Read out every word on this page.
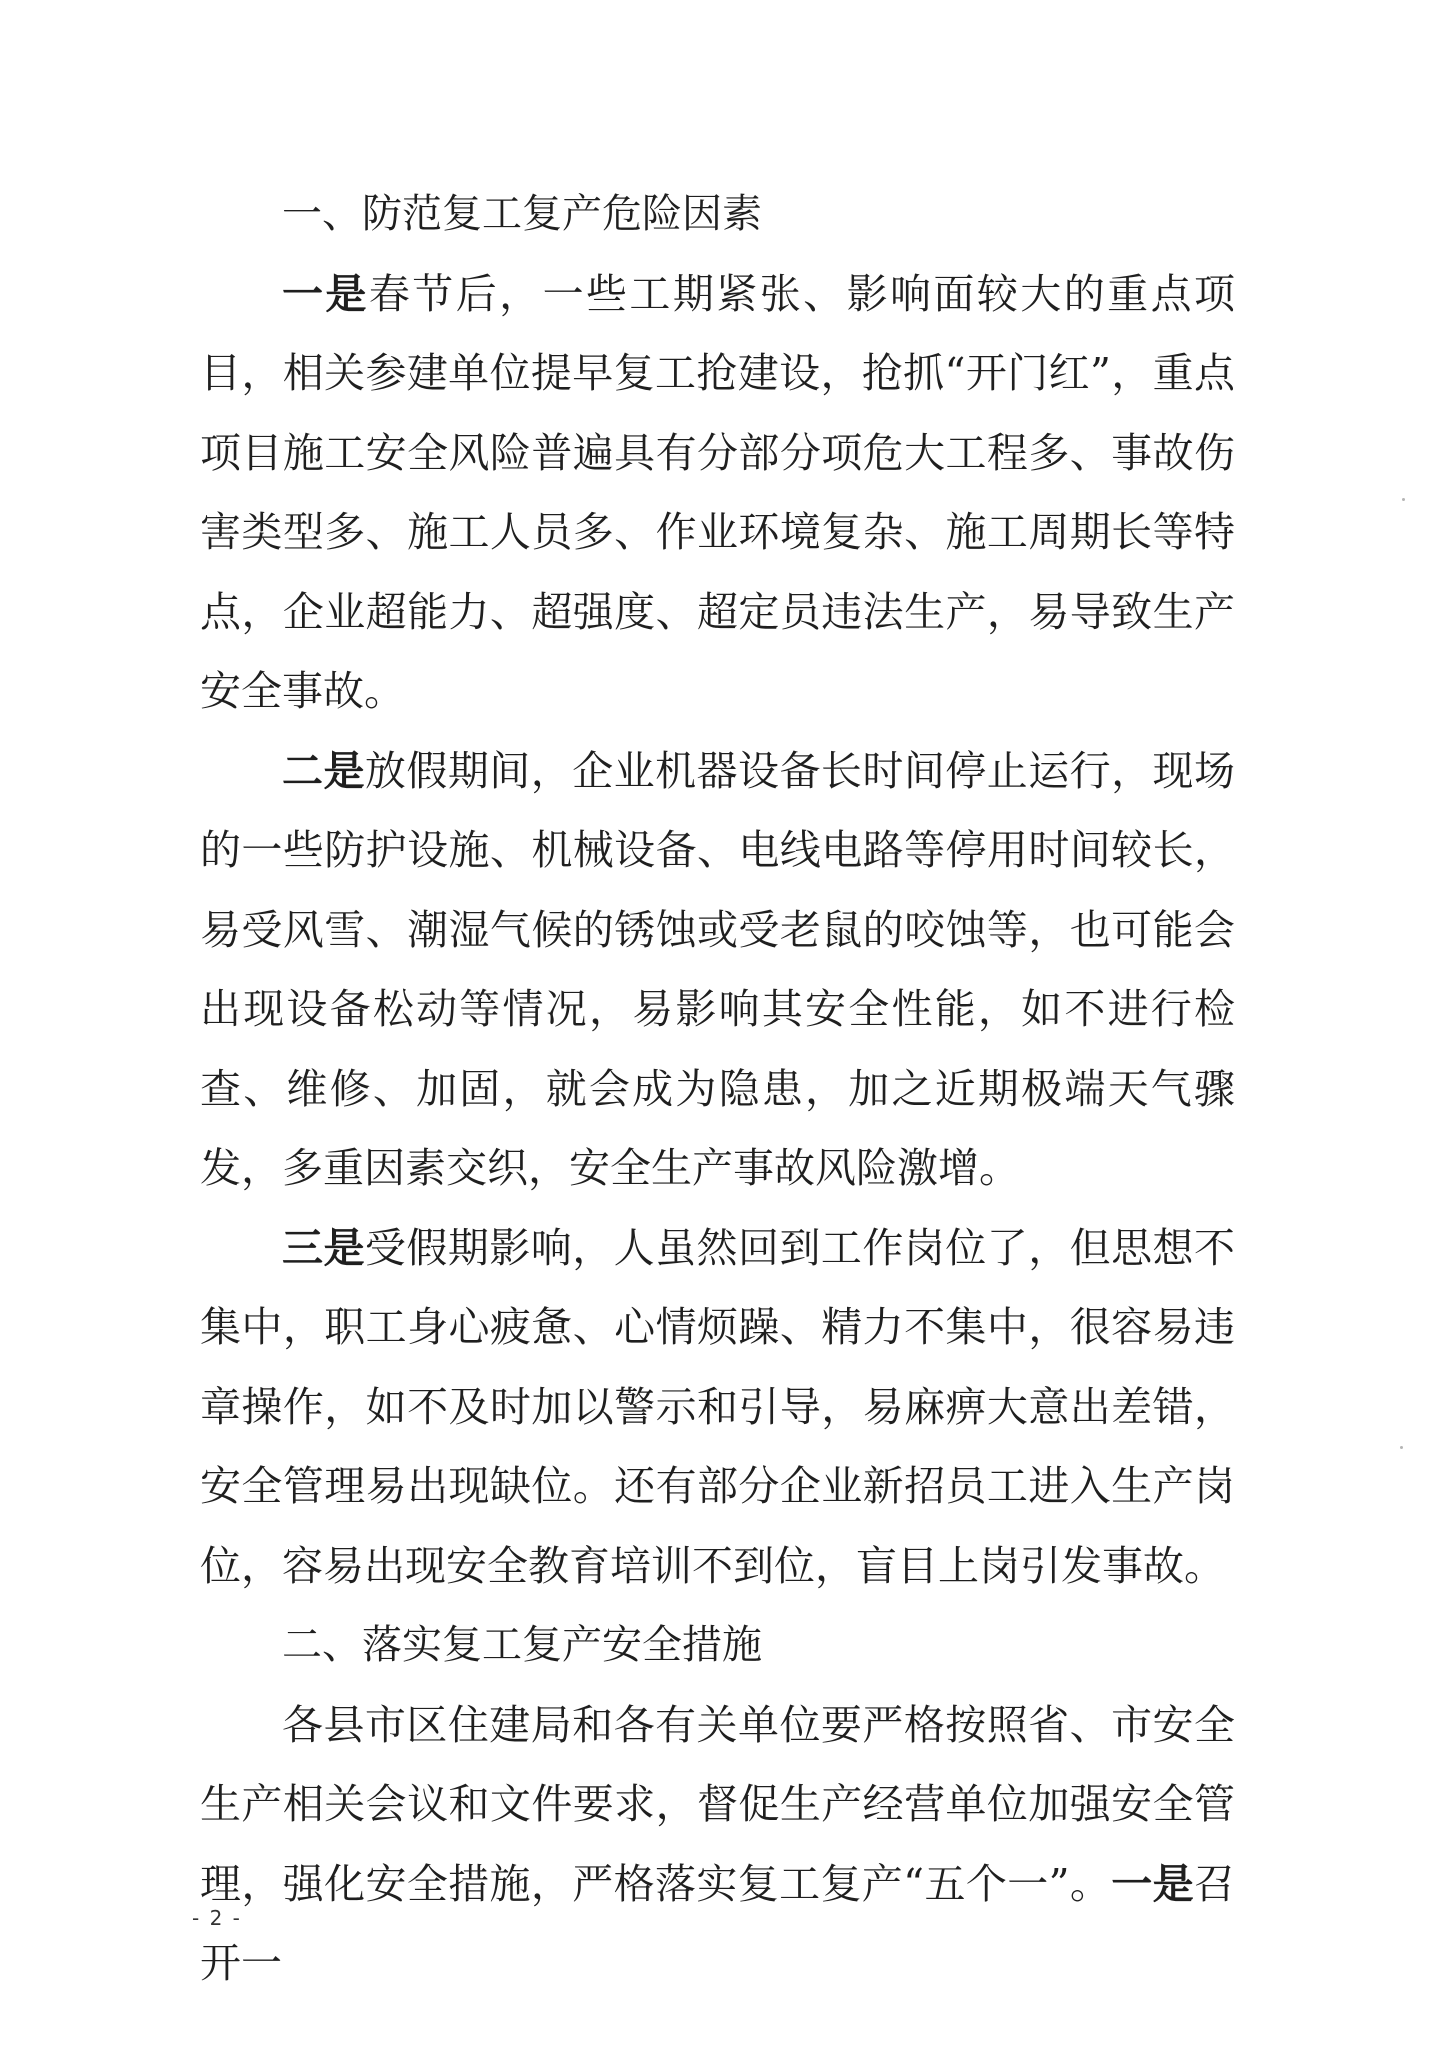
一、防范复工复产危险因素

一是春节后，一些工期紧张、影响面较大的重点项目，相关参建单位提早复工抢建设，抢抓“开门红”，重点项目施工安全风险普遍具有分部分项危大工程多、事故伤害类型多、施工人员多、作业环境复杂、施工周期长等特点，企业超能力、超强度、超定员违法生产，易导致生产安全事故。

二是放假期间，企业机器设备长时间停止运行，现场的一些防护设施、机械设备、电线电路等停用时间较长，易受风雪、潮湿气候的锈蚀或受老鼠的咬蚀等，也可能会出现设备松动等情况，易影响其安全性能，如不进行检查、维修、加固，就会成为隐患，加之近期极端天气骤发，多重因素交织，安全生产事故风险激增。

三是受假期影响，人虽然回到工作岗位了，但思想不集中，职工身心疲惫、心情烦躁、精力不集中，很容易违章操作，如不及时加以警示和引导，易麻痹大意出差错，安全管理易出现缺位。还有部分企业新招员工进入生产岗位，容易出现安全教育培训不到位，盲目上岗引发事故。

二、落实复工复产安全措施

各县市区住建局和各有关单位要严格按照省、市安全生产相关会议和文件要求，督促生产经营单位加强安全管理，强化安全措施，严格落实复工复产“五个一”。一是召开一

- 2 -
